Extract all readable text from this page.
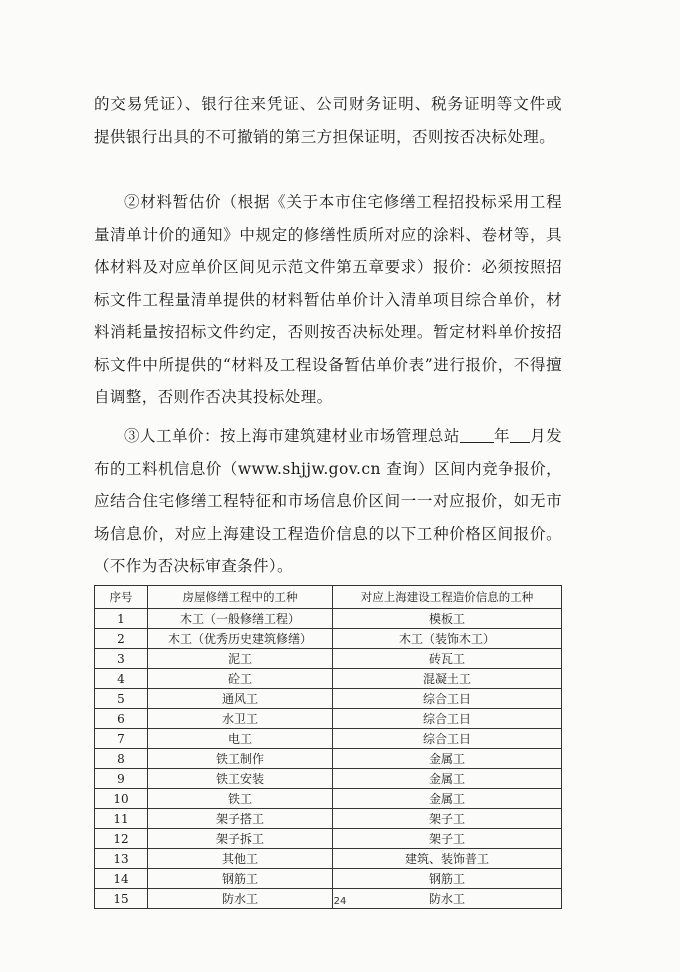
的交易凭证）、银行往来凭证、公司财务证明、税务证明等文件或提供银行出具的不可撤销的第三方担保证明，否则按否决标处理。

②材料暂估价（根据《关于本市住宅修缮工程招投标采用工程量清单计价的通知》中规定的修缮性质所对应的涂料、卷材等，具体材料及对应单价区间见示范文件第五章要求）报价：必须按照招标文件工程量清单提供的材料暂估单价计入清单项目综合单价，材料消耗量按招标文件约定，否则按否决标处理。暂定材料单价按招标文件中所提供的“材料及工程设备暂估单价表”进行报价，不得擅自调整，否则作否决其投标处理。

③人工单价：按上海市建筑建材业市场管理总站 年 月发布的工料机信息价（www.shjjw.gov.cn 查询）区间内竞争报价，应结合住宅修缮工程特征和市场信息价区间一一对应报价，如无市场信息价，对应上海建设工程造价信息的以下工种价格区间报价。（不作为否决标审查条件）。

序号	房屋修缮工程中的工种	对应上海建设工程造价信息的工种
1	木工（一般修缮工程）	模板工
2	木工（优秀历史建筑修缮）	木工（装饰木工）
3	泥工	砖瓦工
4	砼工	混凝土工
5	通风工	综合工日
6	水卫工	综合工日
7	电工	综合工日
8	铁工制作	金属工
9	铁工安装	金属工
10	铁工	金属工
11	架子搭工	架子工
12	架子拆工	架子工
13	其他工	建筑、装饰普工
14	钢筋工	钢筋工
15	防水工	防水工
24
